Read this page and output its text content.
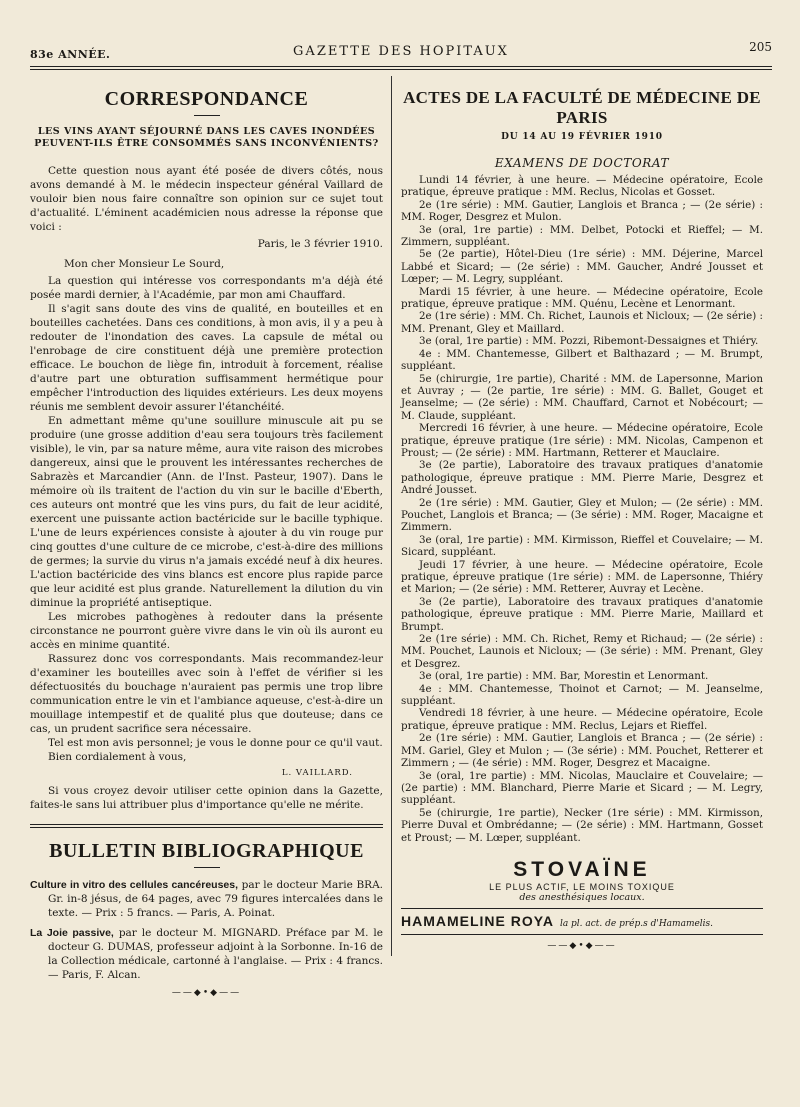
83e ANNÉE.	GAZETTE DES HOPITAUX	205
CORRESPONDANCE
LES VINS AYANT SÉJOURNÉ DANS LES CAVES INONDÉES PEUVENT-ILS ÊTRE CONSOMMÉS SANS INCONVÉNIENTS?

Cette question nous ayant été posée de divers côtés, nous avons demandé à M. le médecin inspecteur général Vaillard de vouloir bien nous faire connaître son opinion sur ce sujet tout d'actualité. L'éminent académicien nous adresse la réponse que voici :

Paris, le 3 février 1910.

Mon cher Monsieur Le Sourd,

La question qui intéresse vos correspondants m'a déjà été posée mardi dernier, à l'Académie, par mon ami Chauffard.

Il s'agit sans doute des vins de qualité, en bouteilles et en bouteilles cachetées. Dans ces conditions, à mon avis, il y a peu à redouter de l'inondation des caves. La capsule de métal ou l'enrobage de cire constituent déjà une première protection efficace. Le bouchon de liège fin, introduit à forcement, réalise d'autre part une obturation suffisamment hermétique pour empêcher l'introduction des liquides extérieurs. Les deux moyens réunis me semblent devoir assurer l'étanchéité.

En admettant même qu'une souillure minuscule ait pu se produire (une grosse addition d'eau sera toujours très facilement visible), le vin, par sa nature même, aura vite raison des microbes dangereux, ainsi que le prouvent les intéressantes recherches de Sabrazès et Marcandier (Ann. de l'Inst. Pasteur, 1907). Dans le mémoire où ils traitent de l'action du vin sur le bacille d'Eberth, ces auteurs ont montré que les vins purs, du fait de leur acidité, exercent une puissante action bactéricide sur le bacille typhique. L'une de leurs expériences consiste à ajouter à du vin rouge pur cinq gouttes d'une culture de ce microbe, c'est-à-dire des millions de germes; la survie du virus n'a jamais excédé neuf à dix heures. L'action bactéricide des vins blancs est encore plus rapide parce que leur acidité est plus grande. Naturellement la dilution du vin diminue la propriété antiseptique.

Les microbes pathogènes à redouter dans la présente circonstance ne pourront guère vivre dans le vin où ils auront eu accès en minime quantité.

Rassurez donc vos correspondants. Mais recommandez-leur d'examiner les bouteilles avec soin à l'effet de vérifier si les défectuosités du bouchage n'auraient pas permis une trop libre communication entre le vin et l'ambiance aqueuse, c'est-à-dire un mouillage intempestif et de qualité plus que douteuse; dans ce cas, un prudent sacrifice sera nécessaire.

Tel est mon avis personnel; je vous le donne pour ce qu'il vaut.

Bien cordialement à vous,

L. VAILLARD.

Si vous croyez devoir utiliser cette opinion dans la Gazette, faites-le sans lui attribuer plus d'importance qu'elle ne mérite.

BULLETIN BIBLIOGRAPHIQUE

Culture in vitro des cellules cancéreuses, par le docteur Marie BRA. Gr. in-8 jésus, de 64 pages, avec 79 figures intercalées dans le texte. — Prix : 5 francs. — Paris, A. Poinat.

La Joie passive, par le docteur M. MIGNARD. Préface par M. le docteur G. DUMAS, professeur adjoint à la Sorbonne. In-16 de la Collection médicale, cartonné à l'anglaise. — Prix : 4 francs. — Paris, F. Alcan.

——◆•◆——
ACTES DE LA FACULTÉ DE MÉDECINE DE PARIS
DU 14 AU 19 FÉVRIER 1910
EXAMENS DE DOCTORAT

Lundi 14 février, à une heure. — Médecine opératoire, Ecole pratique, épreuve pratique : MM. Reclus, Nicolas et Gosset.

2e (1re série) : MM. Gautier, Langlois et Branca ; — (2e série) : MM. Roger, Desgrez et Mulon.

3e (oral, 1re partie) : MM. Delbet, Potocki et Rieffel; — M. Zimmern, suppléant.

5e (2e partie), Hôtel-Dieu (1re série) : MM. Déjerine, Marcel Labbé et Sicard; — (2e série) : MM. Gaucher, André Jousset et Lœper; — M. Legry, suppléant.

Mardi 15 février, à une heure. — Médecine opératoire, Ecole pratique, épreuve pratique : MM. Quénu, Lecène et Lenormant.

2e (1re série) : MM. Ch. Richet, Launois et Nicloux; — (2e série) : MM. Prenant, Gley et Maillard.

3e (oral, 1re partie) : MM. Pozzi, Ribemont-Dessaignes et Thiéry.

4e : MM. Chantemesse, Gilbert et Balthazard ; — M. Brumpt, suppléant.

5e (chirurgie, 1re partie), Charité : MM. de Lapersonne, Marion et Auvray ; — (2e partie, 1re série) : MM. G. Ballet, Gouget et Jeanselme; — (2e série) : MM. Chauffard, Carnot et Nobécourt; — M. Claude, suppléant.

Mercredi 16 février, à une heure. — Médecine opératoire, Ecole pratique, épreuve pratique (1re série) : MM. Nicolas, Campenon et Proust; — (2e série) : MM. Hartmann, Retterer et Mauclaire.

3e (2e partie), Laboratoire des travaux pratiques d'anatomie pathologique, épreuve pratique : MM. Pierre Marie, Desgrez et André Jousset.

2e (1re série) : MM. Gautier, Gley et Mulon; — (2e série) : MM. Pouchet, Langlois et Branca; — (3e série) : MM. Roger, Macaigne et Zimmern.

3e (oral, 1re partie) : MM. Kirmisson, Rieffel et Couvelaire; — M. Sicard, suppléant.

Jeudi 17 février, à une heure. — Médecine opératoire, Ecole pratique, épreuve pratique (1re série) : MM. de Lapersonne, Thiéry et Marion; — (2e série) : MM. Retterer, Auvray et Lecène.

3e (2e partie), Laboratoire des travaux pratiques d'anatomie pathologique, épreuve pratique : MM. Pierre Marie, Maillard et Brumpt.

2e (1re série) : MM. Ch. Richet, Remy et Richaud; — (2e série) : MM. Pouchet, Launois et Nicloux; — (3e série) : MM. Prenant, Gley et Desgrez.

3e (oral, 1re partie) : MM. Bar, Morestin et Lenormant.

4e : MM. Chantemesse, Thoinot et Carnot; — M. Jeanselme, suppléant.

Vendredi 18 février, à une heure. — Médecine opératoire, Ecole pratique, épreuve pratique : MM. Reclus, Lejars et Rieffel.

2e (1re série) : MM. Gautier, Langlois et Branca ; — (2e série) : MM. Gariel, Gley et Mulon ; — (3e série) : MM. Pouchet, Retterer et Zimmern ; — (4e série) : MM. Roger, Desgrez et Macaigne.

3e (oral, 1re partie) : MM. Nicolas, Mauclaire et Couvelaire; — (2e partie) : MM. Blanchard, Pierre Marie et Sicard ; — M. Legry, suppléant.

5e (chirurgie, 1re partie), Necker (1re série) : MM. Kirmisson, Pierre Duval et Ombrédanne; — (2e série) : MM. Hartmann, Gosset et Proust; — M. Lœper, suppléant.

STOVAÏNE
LE PLUS ACTIF, LE MOINS TOXIQUE
des anesthésiques locaux.
HAMAMELINE ROYA la pl. act. de prép.s d'Hamamelis.
——◆•◆——
